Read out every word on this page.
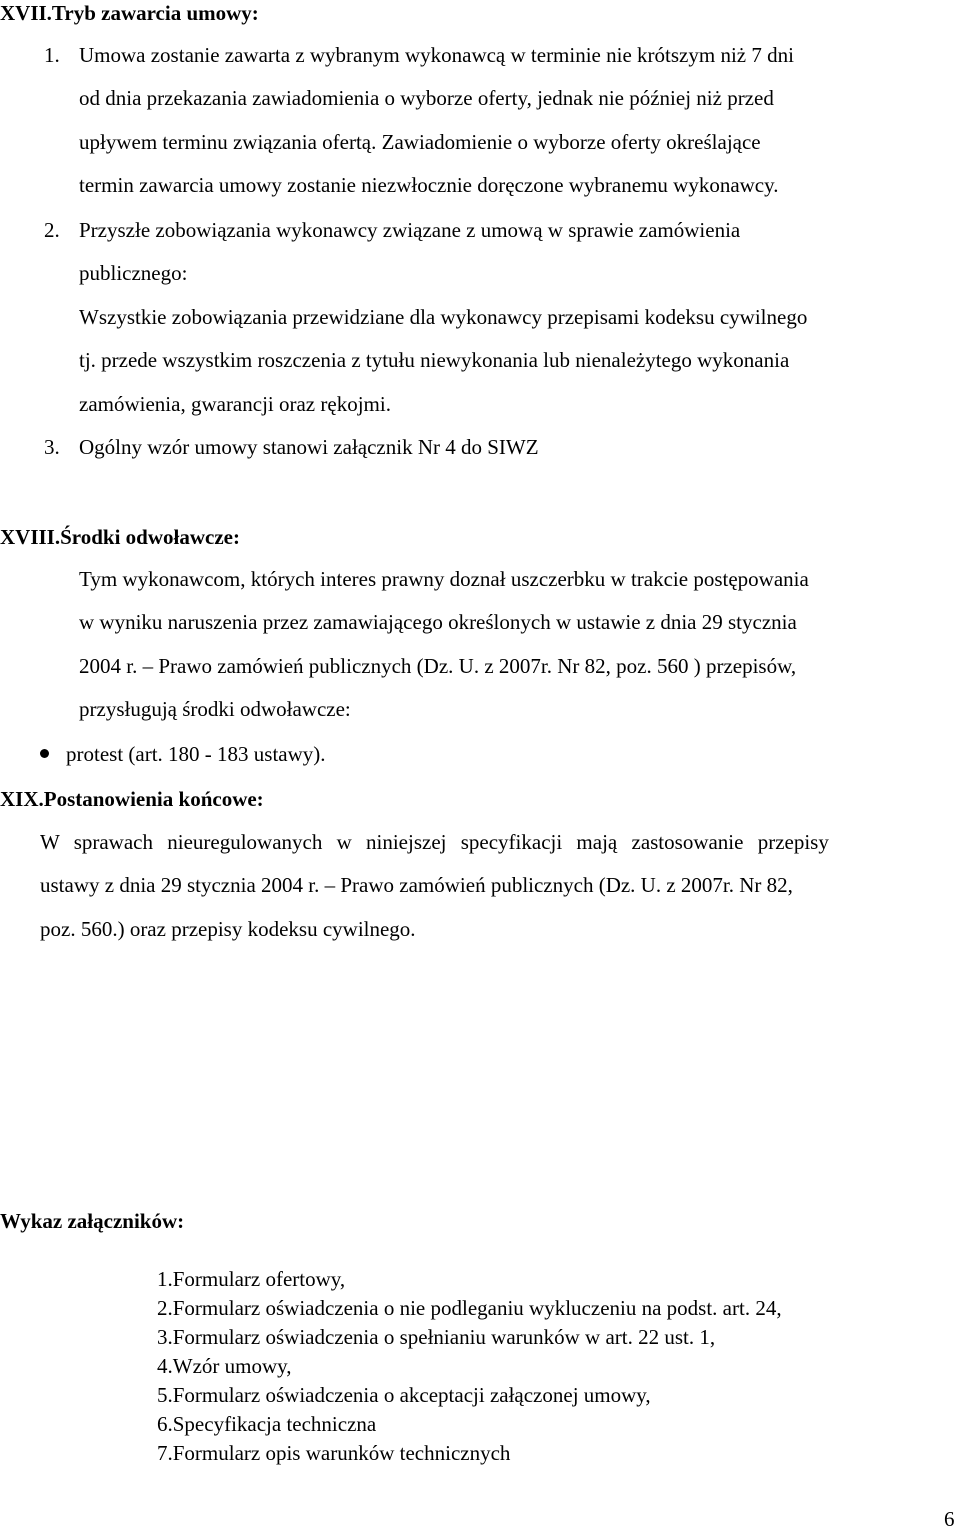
XVII.Tryb zawarcia umowy:
1. Umowa zostanie zawarta z wybranym wykonawcą w terminie nie krótszym niż 7 dni
od dnia przekazania zawiadomienia o wyborze oferty, jednak nie później niż przed
upływem terminu związania ofertą. Zawiadomienie o wyborze oferty określające
termin zawarcia umowy zostanie niezwłocznie doręczone wybranemu wykonawcy.
2. Przyszłe zobowiązania wykonawcy związane z umową w sprawie zamówienia
publicznego:
Wszystkie zobowiązania przewidziane dla wykonawcy przepisami kodeksu cywilnego
tj. przede wszystkim roszczenia z tytułu niewykonania lub nienależytego wykonania
zamówienia, gwarancji oraz rękojmi.
3. Ogólny wzór umowy stanowi załącznik Nr 4 do SIWZ
XVIII.Środki odwoławcze:
Tym wykonawcom, których interes prawny doznał uszczerbku w trakcie postępowania
w wyniku naruszenia przez zamawiającego określonych w ustawie z dnia 29 stycznia
2004 r. – Prawo zamówień publicznych (Dz. U. z 2007r. Nr 82, poz. 560 ) przepisów,
przysługują środki odwoławcze:
protest (art. 180 - 183 ustawy).
XIX.Postanowienia końcowe:
W sprawach nieuregulowanych w niniejszej specyfikacji mają zastosowanie przepisy
ustawy z dnia 29 stycznia 2004 r. – Prawo zamówień publicznych (Dz. U. z 2007r. Nr 82,
poz. 560.) oraz przepisy kodeksu cywilnego.
Wykaz załączników:
1.Formularz ofertowy,
2.Formularz oświadczenia o nie podleganiu wykluczeniu na podst. art. 24,
3.Formularz oświadczenia o spełnianiu warunków w art. 22 ust. 1,
4.Wzór umowy,
5.Formularz oświadczenia o akceptacji załączonej umowy,
6.Specyfikacja techniczna
7.Formularz opis warunków technicznych
6
